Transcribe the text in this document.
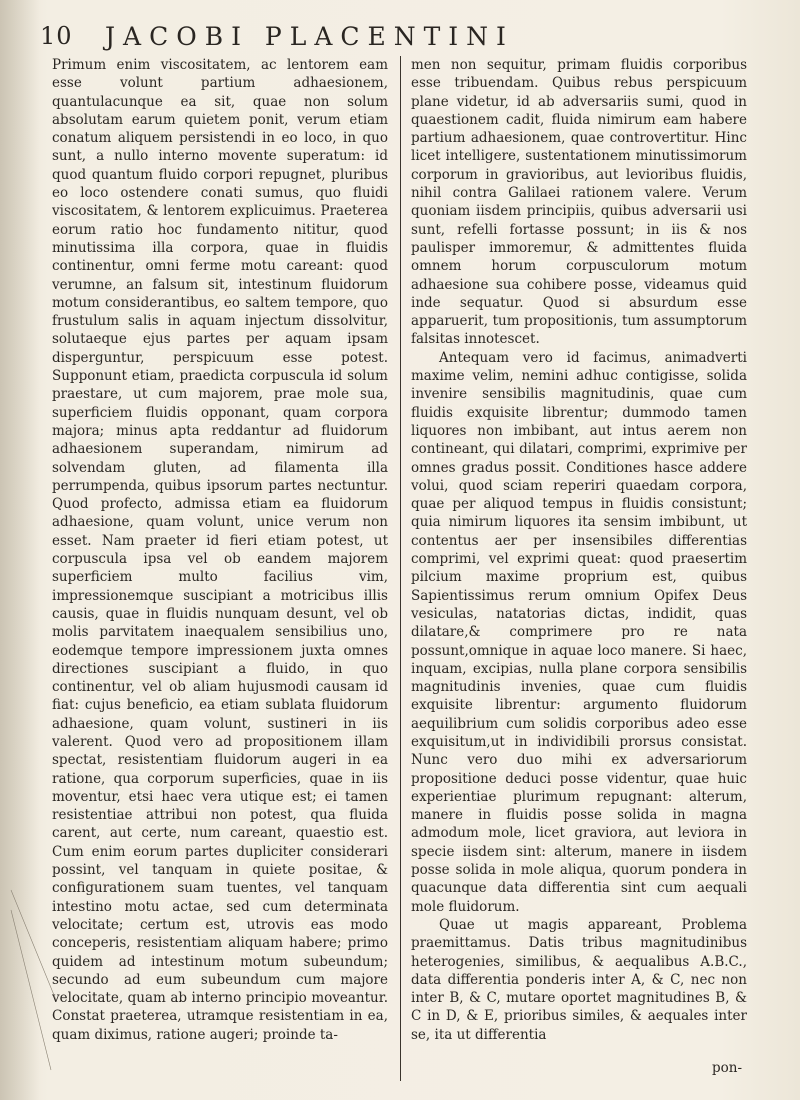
10 JACOBI PLACENTINI

Primum enim viscositatem, ac lentorem eam esse volunt partium adhaesionem, quantulacunque ea sit, quae non solum absolutam earum quietem ponit, verum etiam conatum aliquem persistendi in eo loco, in quo sunt, a nullo interno movente superatum: id quod quantum fluido corpori repugnet, pluribus eo loco ostendere conati sumus, quo fluidi viscositatem, & lentorem explicuimus. Praeterea eorum ratio hoc fundamento nititur, quod minutissima illa corpora, quae in fluidis continentur, omni ferme motu careant: quod verumne, an falsum sit, intestinum fluidorum motum considerantibus, eo saltem tempore, quo frustulum salis in aquam injectum dissolvitur, solutaeque ejus partes per aquam ipsam disperguntur, perspicuum esse potest. Supponunt etiam, praedicta corpuscula id solum praestare, ut cum majorem, prae mole sua, superficiem fluidis opponant, quam corpora majora; minus apta reddantur ad fluidorum adhaesionem superandam, nimirum ad solvendam gluten, ad filamenta illa perrumpenda, quibus ipsorum partes nectuntur. Quod profecto, admissa etiam ea fluidorum adhaesione, quam volunt, unice verum non esset. Nam praeter id fieri etiam potest, ut corpuscula ipsa vel ob eandem majorem superficiem multo facilius vim, impressionemque suscipiant a motricibus illis causis, quae in fluidis nunquam desunt, vel ob molis parvitatem inaequalem sensibilius uno, eodemque tempore impressionem juxta omnes directiones suscipiant a fluido, in quo continentur, vel ob aliam hujusmodi causam id fiat: cujus beneficio, ea etiam sublata fluidorum adhaesione, quam volunt, sustineri in iis valerent. Quod vero ad propositionem illam spectat, resistentiam fluidorum augeri in ea ratione, qua corporum superficies, quae in iis moventur, etsi haec vera utique est; ei tamen resistentiae attribui non potest, qua fluida carent, aut certe, num careant, quaestio est. Cum enim eorum partes dupliciter considerari possint, vel tanquam in quiete positae, & configurationem suam tuentes, vel tanquam intestino motu actae, sed cum determinata velocitate; certum est, utrovis eas modo conceperis, resistentiam aliquam habere; primo quidem ad intestinum motum subeundum; secundo ad eum subeundum cum majore velocitate, quam ab interno principio moveantur. Constat praeterea, utramque resistentiam in ea, quam diximus, ratione augeri; proinde ta-

men non sequitur, primam fluidis corporibus esse tribuendam. Quibus rebus perspicuum plane videtur, id ab adversariis sumi, quod in quaestionem cadit, fluida nimirum eam habere partium adhaesionem, quae controvertitur. Hinc licet intelligere, sustentationem minutissimorum corporum in gravioribus, aut levioribus fluidis, nihil contra Galilaei rationem valere. Verum quoniam iisdem principiis, quibus adversarii usi sunt, refelli fortasse possunt; in iis & nos paulisper immoremur, & admittentes fluida omnem horum corpusculorum motum adhaesione sua cohibere posse, videamus quid inde sequatur. Quod si absurdum esse apparuerit, tum propositionis, tum assumptorum falsitas innotescet.

Antequam vero id facimus, animadverti maxime velim, nemini adhuc contigisse, solida invenire sensibilis magnitudinis, quae cum fluidis exquisite librentur; dummodo tamen liquores non imbibant, aut intus aerem non contineant, qui dilatari, comprimi, exprimive per omnes gradus possit. Conditiones hasce addere volui, quod sciam reperiri quaedam corpora, quae per aliquod tempus in fluidis consistunt; quia nimirum liquores ita sensim imbibunt, ut contentus aer per insensibiles differentias comprimi, vel exprimi queat: quod praesertim pilcium maxime proprium est, quibus Sapientissimus rerum omnium Opifex Deus vesiculas, natatorias dictas, indidit, quas dilatare,& comprimere pro re nata possunt,omnique in aquae loco manere. Si haec, inquam, excipias, nulla plane corpora sensibilis magnitudinis invenies, quae cum fluidis exquisite librentur: argumento fluidorum aequilibrium cum solidis corporibus adeo esse exquisitum,ut in individibili prorsus consistat. Nunc vero duo mihi ex adversariorum propositione deduci posse videntur, quae huic experientiae plurimum repugnant: alterum, manere in fluidis posse solida in magna admodum mole, licet graviora, aut leviora in specie iisdem sint: alterum, manere in iisdem posse solida in mole aliqua, quorum pondera in quacunque data differentia sint cum aequali mole fluidorum.

Quae ut magis appareant, Problema praemittamus. Datis tribus magnitudinibus heterogenies, similibus, & aequalibus A.B.C., data differentia ponderis inter A, & C, nec non inter B, & C, mutare oportet magnitudines B, & C in D, & E, prioribus similes, & aequales inter se, ita ut differentia

pon-
